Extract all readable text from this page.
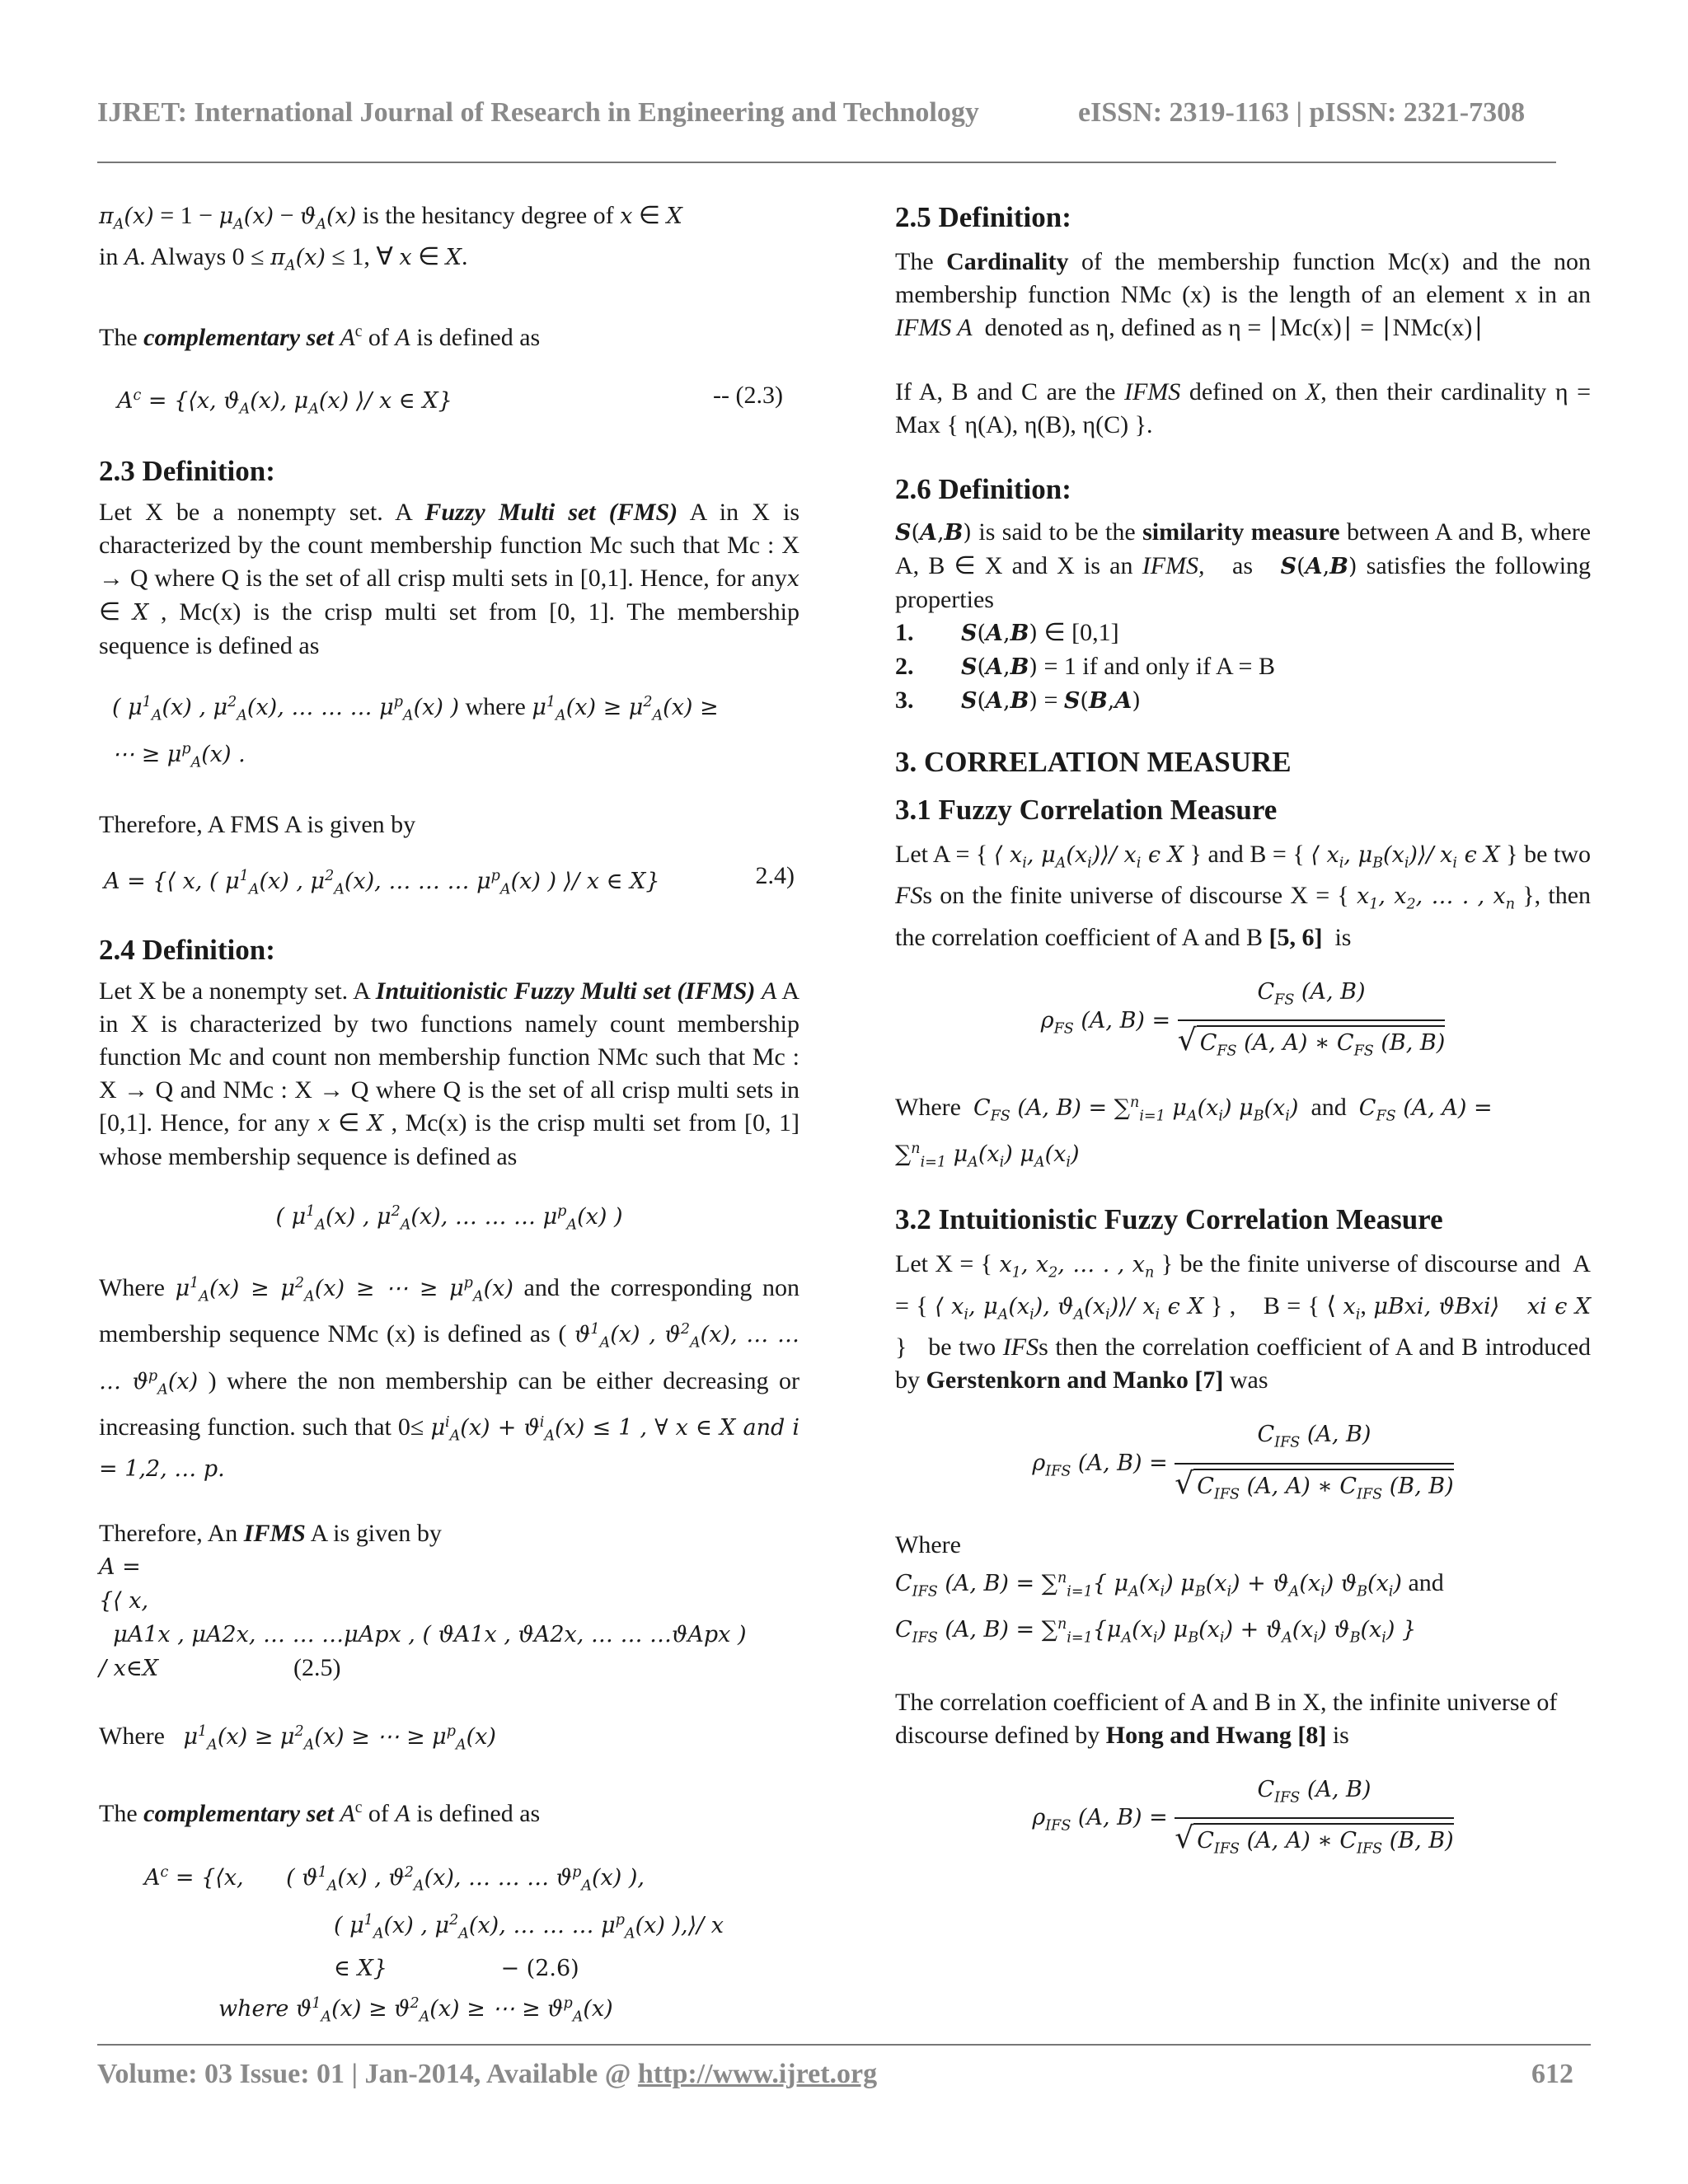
IJRET: International Journal of Research in Engineering and Technology	eISSN: 2319-1163 | pISSN: 2321-7308

$\pi_A(x) = 1 - \mu_A(x) - ϑ_A(x)$ is the hesitancy degree of x ∈ X
in A. Always $0 \le \pi_A(x) \le 1$, ∀ x ∈ X.

The complementary set $A^c$ of A is defined as

$A^c$ = {⟨x, $ϑ_A(x)$, $\mu_A(x)$ ⟩/ x ∈ X}	-- (2.3)

2.3 Definition:

Let X be a nonempty set. A Fuzzy Multi set (FMS) A in X is characterized by the count membership function Mc such that Mc : X → Q where Q is the set of all crisp multi sets in [0,1]. Hence, for anyx ∈ X , Mc(x) is the crisp multi set from [0, 1]. The membership sequence is defined as

( $\mu^1_A(x)$ , $\mu^2_A(x)$, … … … $\mu^p_A(x)$ ) where $\mu^1_A(x) \ge \mu^2_A(x)$ ≥
⋯ ≥ $\mu^p_A(x)$ .

Therefore, A FMS A is given by

A = {⟨ x, ( $\mu^1_A(x)$ , $\mu^2_A(x)$, … … … $\mu^p_A(x)$ ) ⟩/ x ∈ X}	2.4)

2.4 Definition:

Let X be a nonempty set. A Intuitionistic Fuzzy Multi set (IFMS) A A in X is characterized by two functions namely count membership function Mc and count non membership function NMc such that Mc : X → Q and NMc : X → Q where Q is the set of all crisp multi sets in [0,1]. Hence, for any x ∈ X , Mc(x) is the crisp multi set from [0, 1] whose membership sequence is defined as

( $\mu^1_A(x)$ , $\mu^2_A(x)$, … … … $\mu^p_A(x)$ )

Where $\mu^1_A(x) \ge \mu^2_A(x)$ ≥ ⋯ ≥ $\mu^p_A(x)$ and the corresponding non membership sequence NMc (x) is defined as ( $ϑ^1_A(x)$ , $ϑ^2_A(x)$, … … … $ϑ^p_A(x)$ ) where the non membership can be either decreasing or increasing function. such that $0\le \mu^i_A(x) + ϑ^i_A(x) \le 1$ , ∀ x ∈ X and i = 1,2, … p.

Therefore, An IFMS A is given by

A =
{⟨ x,
μA1x , μA2x, … … …μApx , ( ϑA1x , ϑA2x, … … …ϑApx )
/ x∈X	(2.5)

Where $\mu^1_A(x) \ge \mu^2_A(x)$ ≥ ⋯ ≥ $\mu^p_A(x)$

The complementary set $A^c$ of A is defined as

$A^c$ = {⟨x,      ( $ϑ^1_A(x)$ , $ϑ^2_A(x)$, … … … $ϑ^p_A(x)$ ),
( $\mu^1_A(x)$ , $\mu^2_A(x)$, … … … $\mu^p_A(x)$ ),⟩/ x
∈ X}	− (2.6)
where $ϑ^1_A(x) \ge ϑ^2_A(x)$ ≥ ⋯ ≥ $ϑ^p_A(x)$
2.5 Definition:

The Cardinality of the membership function Mc(x) and the non membership function NMc (x) is the length of an element x in an IFMS A denoted as η, defined as η = ∣Mc(x)∣ = ∣NMc(x)∣

If A, B and C are the IFMS defined on X, then their cardinality η = Max { η(A), η(B), η(C) }.

2.6 Definition:

S(A,B) is said to be the similarity measure between A and B, where A, B ∈ X and X is an IFMS, as S(A,B) satisfies the following properties

1.	S(A,B) ∈ [0,1]
2.	S(A,B) = 1 if and only if A = B
3.	S(A,B) = S(B,A)
3. CORRELATION MEASURE
3.1 Fuzzy Correlation Measure

Let A = { ⟨ $x_i$, $\mu_A(x_i)⟩/$ $x_i$ ϵ X } and B = { ⟨ $x_i$, $\mu_B(x_i)⟩/$ $x_i$ ϵ X } be two FSs on the finite universe of discourse X = { $x_1$, $x_2$, … . , $x_n$ }, then the correlation coefficient of A and B [5, 6] is

$\rho_{FS}$ (A, $B) = \frac{C_{FS} (A, B)}{√ C_{FS} (A, A) ∗ C_{FS} (B, B)}$

Where $C_{FS}$ (A, B) = ∑$^n_{i=1}$ $\mu_A(x_i)$ $\mu_B(x_i)$ and $C_{FS}$ (A, A) =
∑$^n_{i=1}$ $\mu_A(x_i)$ $\mu_A(x_i)$

3.2 Intuitionistic Fuzzy Correlation Measure

Let X = { $x_1$, $x_2$, … . , $x_n$ } be the finite universe of discourse and  A = { ⟨ $x_i$, $\mu_A(x_i)$, $ϑ_A(x_i)⟩/$ $x_i$ ϵ X } ,    B = { ⟨ $x_i$, μBxi, ϑBxi⟩ xi ϵ X }   be two IFSs then the correlation coefficient of A and B introduced by Gerstenkorn and Manko [7] was

$\rho_{IFS}$ (A, $B) = \frac{C_{IFS} (A, B)}{√ C_{IFS} (A, A) ∗ C_{IFS} (B, B)}$

Where
$C_{IFS}$ (A, B) = ∑$^n_{i=1}${ $\mu_A(x_i) \mu_B(x_i) + ϑ_A(x_i)$ $ϑ_B(x_i)$ and
$C_{IFS}$ (A, $B) = \sum^n_{i=1}\{\mu_A(x_i) \mu_B(x_i) + ϑ_A(x_i)$ $ϑ_B(x_i)$ }

The correlation coefficient of A and B in X, the infinite universe of discourse defined by Hong and Hwang [8] is

$\rho_{IFS}$ (A, $B) = \frac{C_{IFS} (A, B)}{√ C_{IFS} (A, A) ∗ C_{IFS} (B, B)}$

Volume: 03 Issue: 01 | Jan-2014, Available @ http://www.ijret.org	612
